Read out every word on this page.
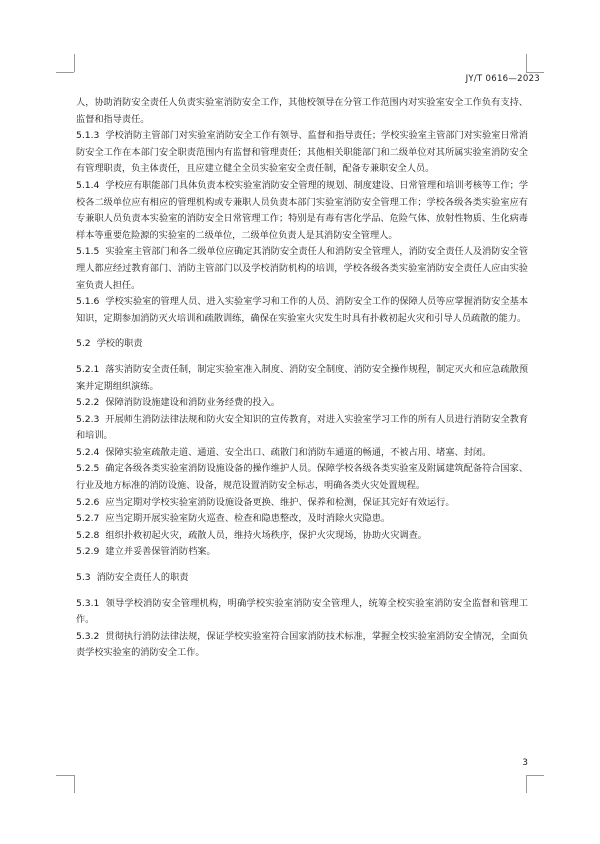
JY/T 0616—2023

人，协助消防安全责任人负责实验室消防安全工作，其他校领导在分管工作范围内对实验室安全工作负有支持、监督和指导责任。

5.1.3 学校消防主管部门对实验室消防安全工作有领导、监督和指导责任；学校实验室主管部门对实验室日常消防安全工作在本部门安全职责范围内有监督和管理责任；其他相关职能部门和二级单位对其所属实验室消防安全有管理职责，负主体责任，且应建立健全全员实验室安全责任制，配备专兼职安全人员。

5.1.4 学校应有职能部门具体负责本校实验室消防安全管理的规划、制度建设、日常管理和培训考核等工作；学校各二级单位应有相应的管理机构或专兼职人员负责本部门实验室消防安全管理工作；学校各级各类实验室应有专兼职人员负责本实验室的消防安全日常管理工作；特别是有毒有害化学品、危险气体、放射性物质、生化病毒样本等重要危险源的实验室的二级单位，二级单位负责人是其消防安全管理人。

5.1.5 实验室主管部门和各二级单位应确定其消防安全责任人和消防安全管理人，消防安全责任人及消防安全管理人都应经过教育部门、消防主管部门以及学校消防机构的培训，学校各级各类实验室消防安全责任人应由实验室负责人担任。

5.1.6 学校实验室的管理人员、进入实验室学习和工作的人员、消防安全工作的保障人员等应掌握消防安全基本知识，定期参加消防灭火培训和疏散训练，确保在实验室火灾发生时具有扑救初起火灾和引导人员疏散的能力。

5.2 学校的职责

5.2.1 落实消防安全责任制，制定实验室准入制度、消防安全制度、消防安全操作规程，制定灭火和应急疏散预案并定期组织演练。

5.2.2 保障消防设施建设和消防业务经费的投入。

5.2.3 开展师生消防法律法规和防火安全知识的宣传教育，对进入实验室学习工作的所有人员进行消防安全教育和培训。

5.2.4 保障实验室疏散走道、通道、安全出口、疏散门和消防车通道的畅通，不被占用、堵塞、封闭。

5.2.5 确定各级各类实验室消防设施设备的操作维护人员。保障学校各级各类实验室及附属建筑配备符合国家、行业及地方标准的消防设施、设备，规范设置消防安全标志，明确各类火灾处置规程。

5.2.6 应当定期对学校实验室消防设施设备更换、维护、保养和检测，保证其完好有效运行。

5.2.7 应当定期开展实验室防火巡查、检查和隐患整改，及时消除火灾隐患。

5.2.8 组织扑救初起火灾，疏散人员，维持火场秩序，保护火灾现场，协助火灾调查。

5.2.9 建立并妥善保管消防档案。

5.3 消防安全责任人的职责

5.3.1 领导学校消防安全管理机构，明确学校实验室消防安全管理人，统筹全校实验室消防安全监督和管理工作。

5.3.2 贯彻执行消防法律法规，保证学校实验室符合国家消防技术标准，掌握全校实验室消防安全情况，全面负责学校实验室的消防安全工作。

3
